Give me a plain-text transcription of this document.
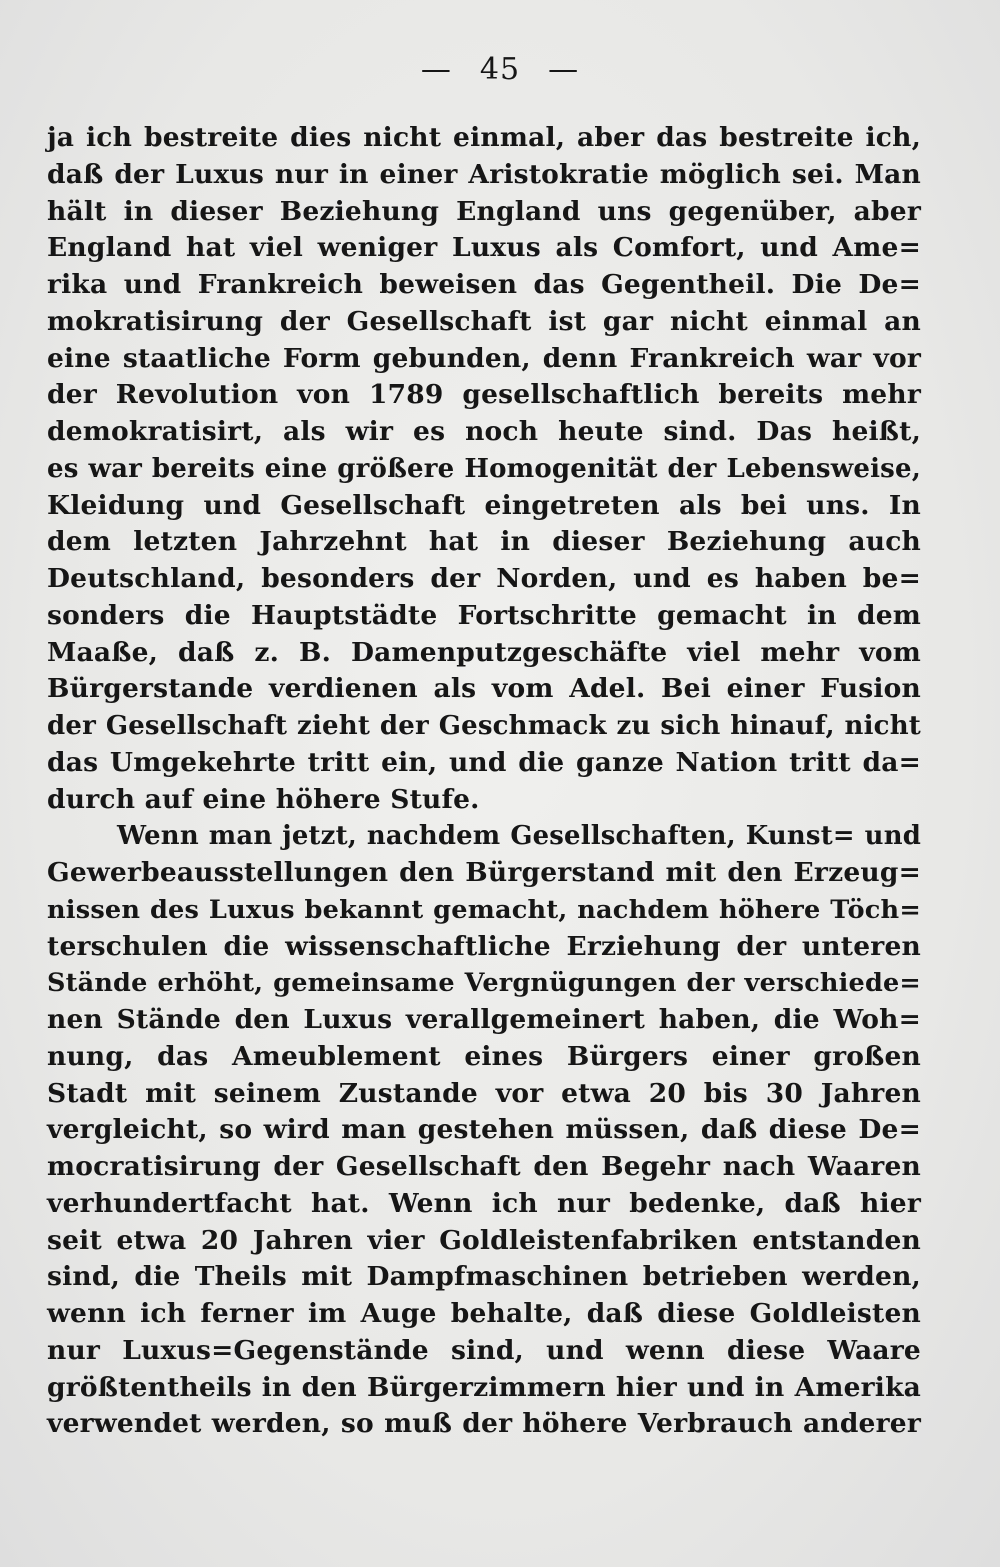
— 45 —
ja ich bestreite dies nicht einmal, aber das bestreite ich,
daß der Luxus nur in einer Aristokratie möglich sei. Man
hält in dieser Beziehung England uns gegenüber, aber
England hat viel weniger Luxus als Comfort, und Ame=
rika und Frankreich beweisen das Gegentheil. Die De=
mokratisirung der Gesellschaft ist gar nicht einmal an
eine staatliche Form gebunden, denn Frankreich war vor
der Revolution von 1789 gesellschaftlich bereits mehr
demokratisirt, als wir es noch heute sind. Das heißt,
es war bereits eine größere Homogenität der Lebensweise,
Kleidung und Gesellschaft eingetreten als bei uns. In
dem letzten Jahrzehnt hat in dieser Beziehung auch
Deutschland, besonders der Norden, und es haben be=
sonders die Hauptstädte Fortschritte gemacht in dem
Maaße, daß z. B. Damenputzgeschäfte viel mehr vom
Bürgerstande verdienen als vom Adel. Bei einer Fusion
der Gesellschaft zieht der Geschmack zu sich hinauf, nicht
das Umgekehrte tritt ein, und die ganze Nation tritt da=
durch auf eine höhere Stufe.
Wenn man jetzt, nachdem Gesellschaften, Kunst= und
Gewerbeausstellungen den Bürgerstand mit den Erzeug=
nissen des Luxus bekannt gemacht, nachdem höhere Töch=
terschulen die wissenschaftliche Erziehung der unteren
Stände erhöht, gemeinsame Vergnügungen der verschiede=
nen Stände den Luxus verallgemeinert haben, die Woh=
nung, das Ameublement eines Bürgers einer großen
Stadt mit seinem Zustande vor etwa 20 bis 30 Jahren
vergleicht, so wird man gestehen müssen, daß diese De=
mocratisirung der Gesellschaft den Begehr nach Waaren
verhundertfacht hat. Wenn ich nur bedenke, daß hier
seit etwa 20 Jahren vier Goldleistenfabriken entstanden
sind, die Theils mit Dampfmaschinen betrieben werden,
wenn ich ferner im Auge behalte, daß diese Goldleisten
nur Luxus=Gegenstände sind, und wenn diese Waare
größtentheils in den Bürgerzimmern hier und in Amerika
verwendet werden, so muß der höhere Verbrauch anderer
